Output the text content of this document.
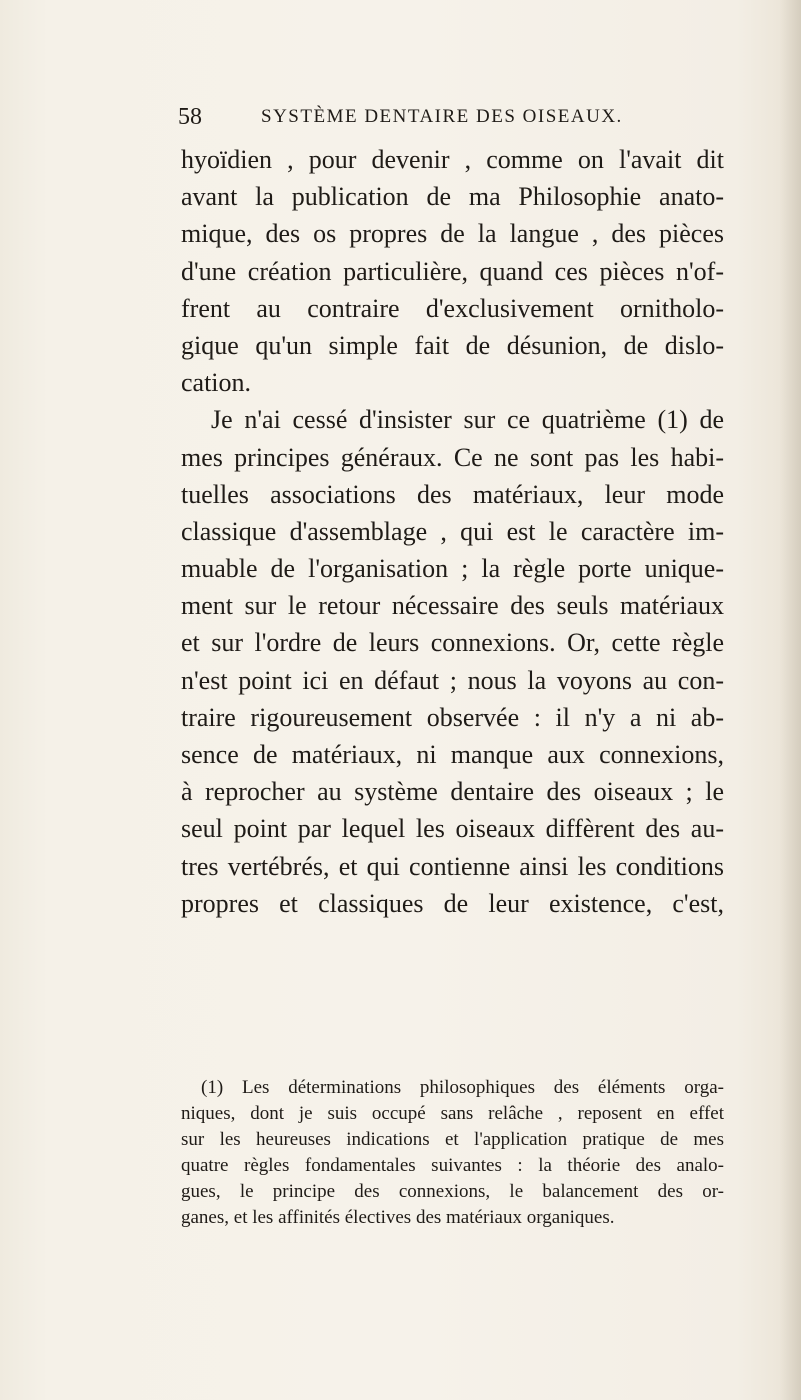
58	SYSTÈME DENTAIRE DES OISEAUX.
hyoïdien , pour devenir , comme on l'avait dit
avant la publication de ma Philosophie anato-
mique, des os propres de la langue , des pièces
d'une création particulière, quand ces pièces n'of-
frent au contraire d'exclusivement ornitholo-
gique qu'un simple fait de désunion, de dislo-
cation.
Je n'ai cessé d'insister sur ce quatrième (1) de
mes principes généraux. Ce ne sont pas les habi-
tuelles associations des matériaux, leur mode
classique d'assemblage , qui est le caractère im-
muable de l'organisation ; la règle porte unique-
ment sur le retour nécessaire des seuls matériaux
et sur l'ordre de leurs connexions. Or, cette règle
n'est point ici en défaut ; nous la voyons au con-
traire rigoureusement observée : il n'y a ni ab-
sence de matériaux, ni manque aux connexions,
à reprocher au système dentaire des oiseaux ; le
seul point par lequel les oiseaux diffèrent des au-
tres vertébrés, et qui contienne ainsi les conditions
propres et classiques de leur existence, c'est,
(1) Les déterminations philosophiques des éléments orga-
niques, dont je suis occupé sans relâche , reposent en effet
sur les heureuses indications et l'application pratique de mes
quatre règles fondamentales suivantes : la théorie des analo-
gues, le principe des connexions, le balancement des or-
ganes, et les affinités électives des matériaux organiques.
